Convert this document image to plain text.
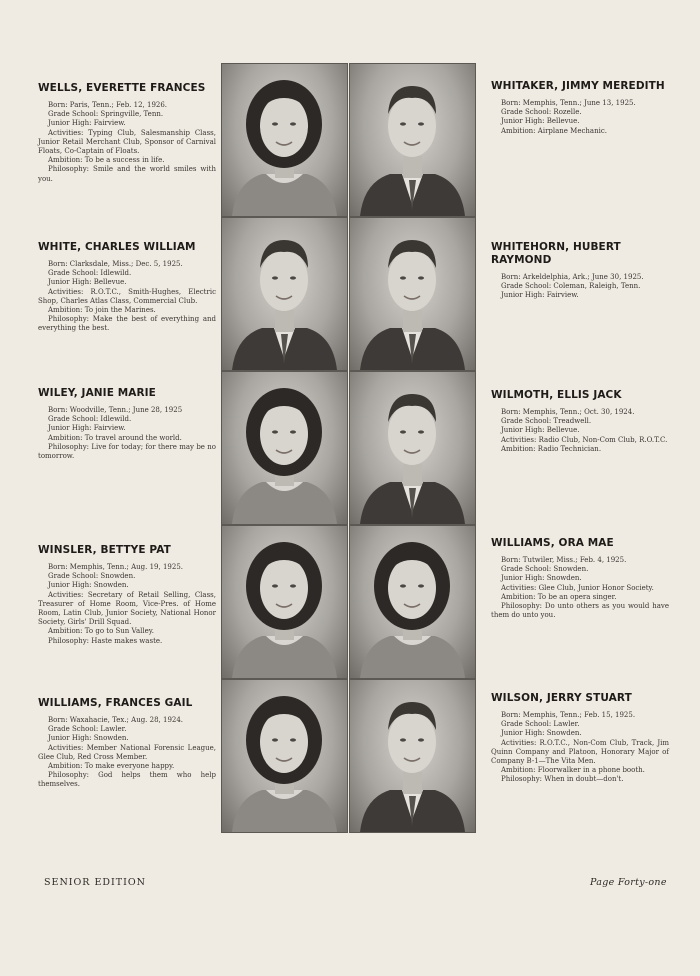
WELLS, EVERETTE FRANCES

Born: Paris, Tenn.; Feb. 12, 1926.

Grade School: Springville, Tenn.

Junior High: Fairview.

Activities: Typing Club, Salesmanship Class, Junior Retail Merchant Club, Sponsor of Carnival Floats, Co-Captain of Floats.

Ambition: To be a success in life.

Philosophy: Smile and the world smiles with you.

WHITE, CHARLES WILLIAM

Born: Clarksdale, Miss.; Dec. 5, 1925.

Grade School: Idlewild.

Junior High: Bellevue.

Activities: R.O.T.C., Smith-Hughes, Electric Shop, Charles Atlas Class, Commercial Club.

Ambition: To join the Marines.

Philosophy: Make the best of everything and everything the best.

WILEY, JANIE MARIE

Born: Woodville, Tenn.; June 28, 1925

Grade School: Idlewild.

Junior High: Fairview.

Ambition: To travel around the world.

Philosophy: Live for today; for there may be no tomorrow.

WINSLER, BETTYE PAT

Born: Memphis, Tenn.; Aug. 19, 1925.

Grade School: Snowden.

Junior High: Snowden.

Activities: Secretary of Retail Selling, Class, Treasurer of Home Room, Vice-Pres. of Home Room, Latin Club, Junior Society, National Honor Society, Girls' Drill Squad.

Ambition: To go to Sun Valley.

Philosophy: Haste makes waste.

WILLIAMS, FRANCES GAIL

Born: Waxahacie, Tex.; Aug. 28, 1924.

Grade School: Lawler.

Junior High: Snowden.

Activities: Member National Forensic League, Glee Club, Red Cross Member.

Ambition: To make everyone happy.

Philosophy: God helps them who help themselves.

WHITAKER, JIMMY MEREDITH

Born: Memphis, Tenn.; June 13, 1925.

Grade School: Rozelle.

Junior High: Bellevue.

Ambition: Airplane Mechanic.

WHITEHORN, HUBERT
RAYMOND

Born: Arkeldelphia, Ark.; June 30, 1925.

Grade School: Coleman, Raleigh, Tenn.

Junior High: Fairview.

WILMOTH, ELLIS JACK

Born: Memphis, Tenn.; Oct. 30, 1924.

Grade School: Treadwell.

Junior High: Bellevue.

Activities: Radio Club, Non-Com Club, R.O.T.C.

Ambition: Radio Technician.

WILLIAMS, ORA MAE

Born: Tutwiler, Miss.; Feb. 4, 1925.

Grade School: Snowden.

Junior High: Snowden.

Activities: Glee Club, Junior Honor Society.

Ambition: To be an opera singer.

Philosophy: Do unto others as you would have them do unto you.

WILSON, JERRY STUART

Born: Memphis, Tenn.; Feb. 15, 1925.

Grade School: Lawler.

Junior High: Snowden.

Activities: R.O.T.C., Non-Com Club, Track, Jim Quinn Company and Platoon, Honorary Major of Company B-1—The Vita Men.

Ambition: Floorwalker in a phone booth.

Philosophy: When in doubt—don't.

SENIOR EDITION	Page Forty-one
